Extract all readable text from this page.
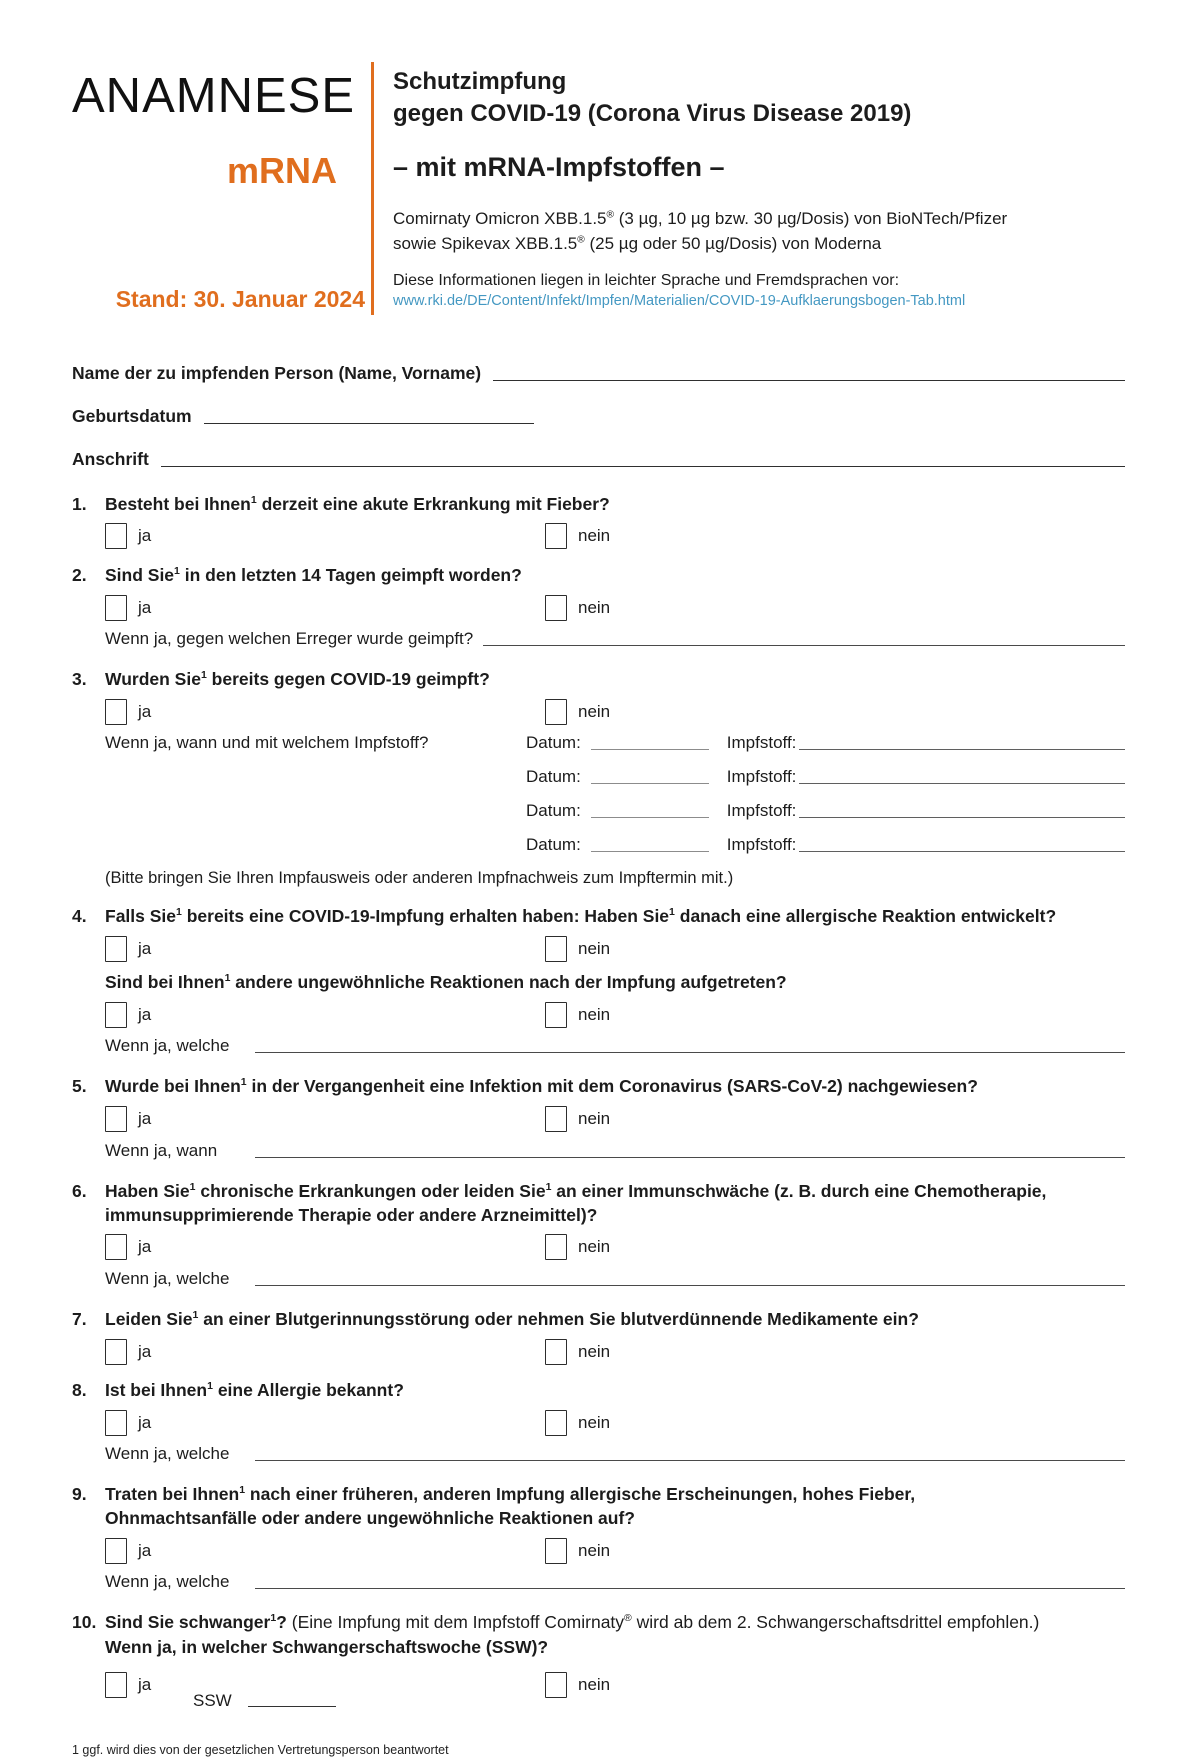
ANAMNESE
mRNA
Stand: 30. Januar 2024
Schutzimpfung
gegen COVID-19 (Corona Virus Disease 2019)
– mit mRNA-Impfstoffen –
Comirnaty Omicron XBB.1.5® (3 µg, 10 µg bzw. 30 µg/Dosis) von BioNTech/Pfizer
sowie Spikevax XBB.1.5® (25 µg oder 50 µg/Dosis) von Moderna
Diese Informationen liegen in leichter Sprache und Fremdsprachen vor:
www.rki.de/DE/Content/Infekt/Impfen/Materialien/COVID-19-Aufklaerungsbogen-Tab.html
Name der zu impfenden Person (Name, Vorname)
Geburtsdatum
Anschrift
1.	Besteht bei Ihnen$^1$ derzeit eine akute Erkrankung mit Fieber?
ja	nein
2.	Sind Sie$^1$ in den letzten 14 Tagen geimpft worden?
ja	nein
Wenn ja, gegen welchen Erreger wurde geimpft?
3.	Wurden Sie$^1$ bereits gegen COVID-19 geimpft?
ja	nein
Wenn ja, wann und mit welchem Impfstoff?	Datum:	Impfstoff:
Datum:	Impfstoff:
Datum:	Impfstoff:
Datum:	Impfstoff:
(Bitte bringen Sie Ihren Impfausweis oder anderen Impfnachweis zum Impftermin mit.)
4.	Falls Sie$^1$ bereits eine COVID-19-Impfung erhalten haben: Haben Sie$^1$ danach eine allergische Reaktion entwickelt?
ja	nein
Sind bei Ihnen$^1$ andere ungewöhnliche Reaktionen nach der Impfung aufgetreten?
ja	nein
Wenn ja, welche
5.	Wurde bei Ihnen$^1$ in der Vergangenheit eine Infektion mit dem Coronavirus (SARS-CoV-2) nachgewiesen?
ja	nein
Wenn ja, wann
6.	Haben Sie$^1$ chronische Erkrankungen oder leiden Sie$^1$ an einer Immunschwäche (z. B. durch eine Chemotherapie,
immunsupprimierende Therapie oder andere Arzneimittel)?
ja	nein
Wenn ja, welche
7.	Leiden Sie$^1$ an einer Blutgerinnungsstörung oder nehmen Sie blutverdünnende Medikamente ein?
ja	nein
8.	Ist bei Ihnen$^1$ eine Allergie bekannt?
ja	nein
Wenn ja, welche
9.	Traten bei Ihnen$^1$ nach einer früheren, anderen Impfung allergische Erscheinungen, hohes Fieber,
Ohnmachtsanfälle oder andere ungewöhnliche Reaktionen auf?
ja	nein
Wenn ja, welche
10. Sind Sie schwanger$^1$? (Eine Impfung mit dem Impfstoff Comirnaty® wird ab dem 2. Schwangerschaftsdrittel empfohlen.)
Wenn ja, in welcher Schwangerschaftswoche (SSW)?
ja
SSW
nein
1 ggf. wird dies von der gesetzlichen Vertretungsperson beantwortet
